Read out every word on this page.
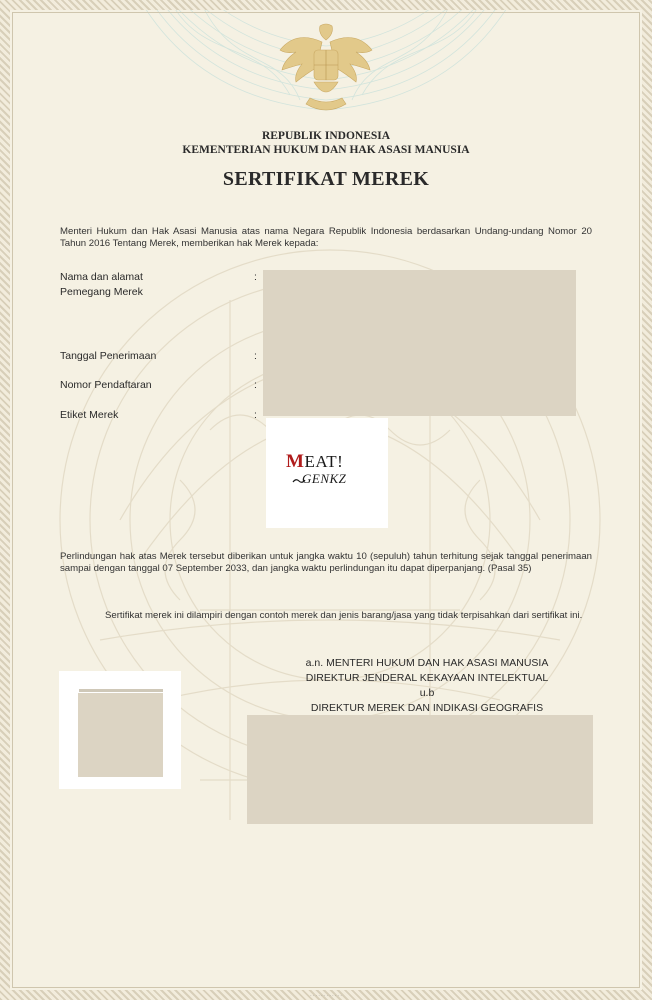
REPUBLIK INDONESIA
KEMENTERIAN HUKUM DAN HAK ASASI MANUSIA
SERTIFIKAT MEREK
Menteri Hukum dan Hak Asasi Manusia atas nama Negara Republik Indonesia berdasarkan Undang-undang Nomor 20 Tahun 2016 Tentang Merek, memberikan hak Merek kepada:
Nama dan alamat
Pemegang Merek
:
Tanggal Penerimaan	:
Nomor Pendaftaran	:
Etiket Merek	:
MEAT!
GENKZ
Perlindungan hak atas Merek tersebut diberikan untuk jangka waktu 10 (sepuluh) tahun terhitung sejak tanggal penerimaan sampai dengan tanggal 07 September 2033, dan jangka waktu perlindungan itu dapat diperpanjang. (Pasal 35)
Sertifikat merek ini dilampiri dengan contoh merek dan jenis barang/jasa yang tidak terpisahkan dari sertifikat ini.
a.n. MENTERI HUKUM DAN HAK ASASI MANUSIA
DIREKTUR JENDERAL KEKAYAAN INTELEKTUAL
u.b
DIREKTUR MEREK DAN INDIKASI GEOGRAFIS
· · · · · · · · · · · ·
